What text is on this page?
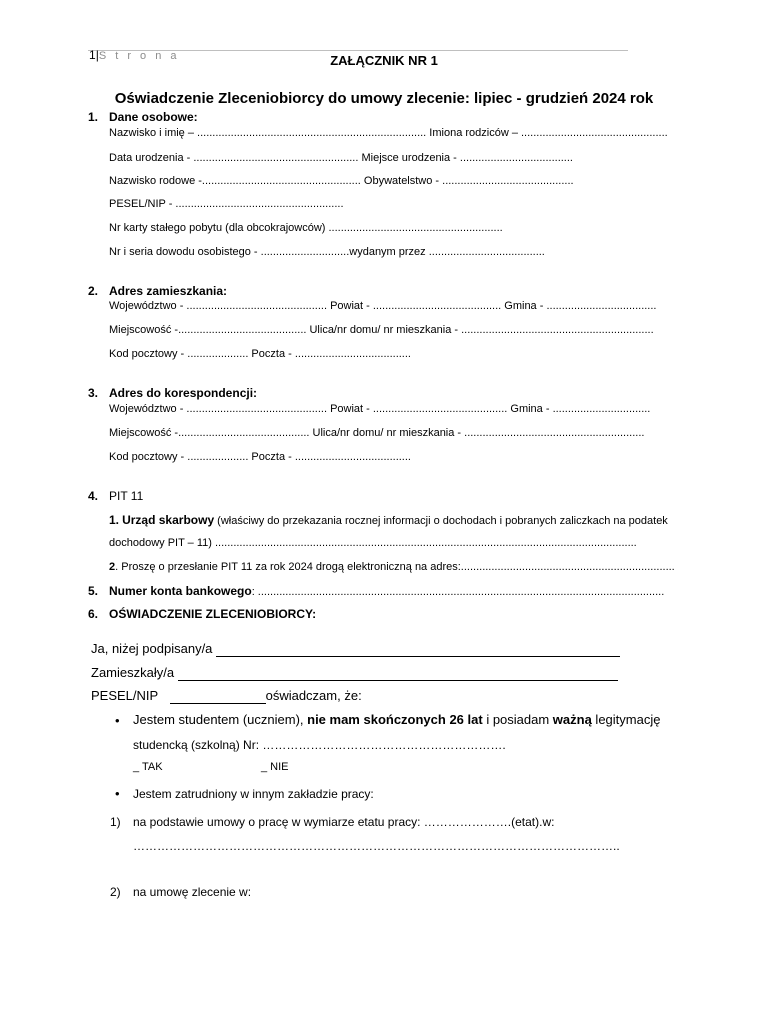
1|S t r o n a	ZAŁĄCZNIK NR 1
Oświadczenie Zleceniobiorcy do umowy zlecenie: lipiec - grudzień 2024 rok
1. Dane osobowe:
Nazwisko i imię – ........................................................................... Imiona rodziców – ................................................
Data urodzenia - ...................................................... Miejsce urodzenia - .....................................
Nazwisko rodowe -.................................................... Obywatelstwo - ...........................................
PESEL/NIP - .......................................................
Nr karty stałego pobytu (dla obcokrajowców) .........................................................
Nr i seria dowodu osobistego - .............................wydanym przez ......................................
2. Adres zamieszkania:
Województwo - .............................................. Powiat - .......................................... Gmina - ....................................
Miejscowość -.......................................... Ulica/nr domu/ nr mieszkania - ...............................................................
Kod pocztowy - .................... Poczta - ......................................
3. Adres do korespondencji:
Województwo - .............................................. Powiat - ............................................ Gmina - ................................
Miejscowość -........................................... Ulica/nr domu/ nr mieszkania - ...........................................................
Kod pocztowy - .................... Poczta - ......................................
4. PIT 11
1. Urząd skarbowy (właściwy do przekazania rocznej informacji o dochodach i pobranych zaliczkach na podatek
dochodowy PIT – 11) ..........................................................................................................................................
2. Proszę o przesłanie PIT 11 za rok 2024 drogą elektroniczną na adres:......................................................................
5. Numer konta bankowego: .....................................................................................................................................
6. OŚWIADCZENIE ZLECENIOBIORCY:
Ja, niżej podpisany/a
Zamieszkały/a
PESEL/NIP	oświadczam, że:
• Jestem studentem (uczniem), nie mam skończonych 26 lat i posiadam ważną legitymację
studencką (szkolną) Nr: …………………………………………………….
_ TAK	_ NIE
• Jestem zatrudniony w innym zakładzie pracy:
1) na podstawie umowy o pracę w wymiarze etatu pracy: ………………….(etat).w:
…………………………………………………………………………………………………………..
2) na umowę zlecenie w:
